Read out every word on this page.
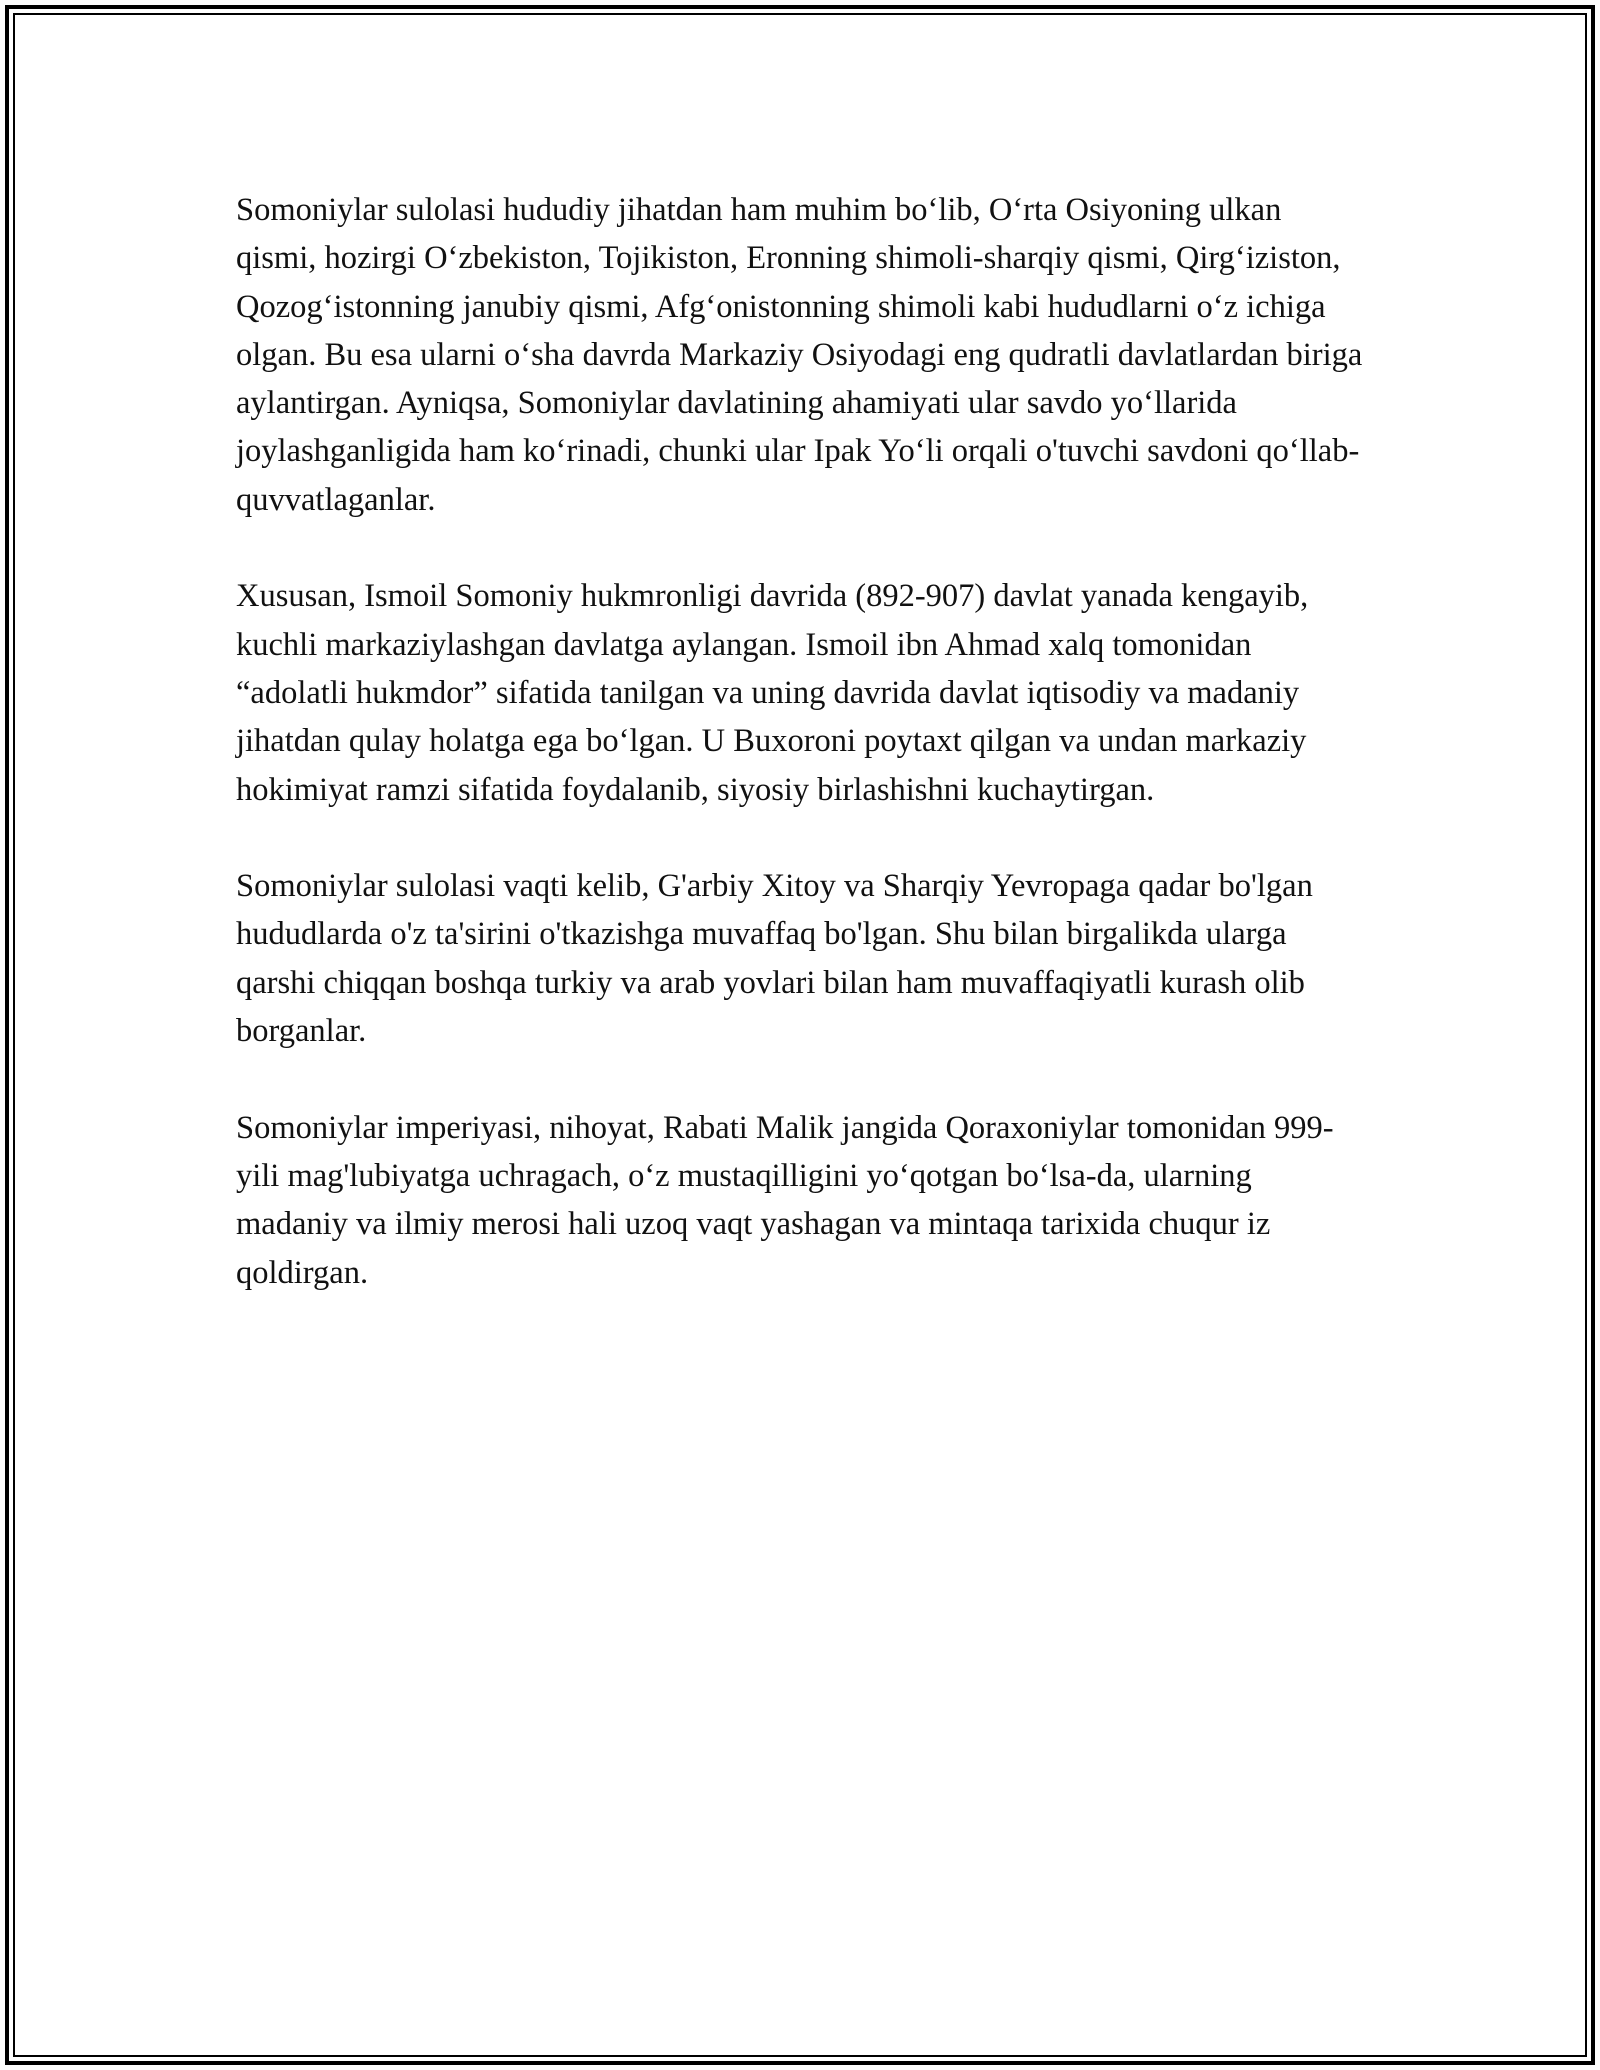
Somoniylar sulolasi hududiy jihatdan ham muhim bo‘lib, O‘rta Osiyoning ulkan qismi, hozirgi O‘zbekiston, Tojikiston, Eronning shimoli-sharqiy qismi, Qirg‘iziston, Qozog‘istonning janubiy qismi, Afg‘onistonning shimoli kabi hududlarni o‘z ichiga olgan. Bu esa ularni o‘sha davrda Markaziy Osiyodagi eng qudratli davlatlardan biriga aylantirgan. Ayniqsa, Somoniylar davlatining ahamiyati ular savdo yo‘llarida joylashganligida ham ko‘rinadi, chunki ular Ipak Yo‘li orqali o'tuvchi savdoni qo‘llab-quvvatlaganlar.

Xususan, Ismoil Somoniy hukmronligi davrida (892-907) davlat yanada kengayib, kuchli markaziylashgan davlatga aylangan. Ismoil ibn Ahmad xalq tomonidan “adolatli hukmdor” sifatida tanilgan va uning davrida davlat iqtisodiy va madaniy jihatdan qulay holatga ega bo‘lgan. U Buxoroni poytaxt qilgan va undan markaziy hokimiyat ramzi sifatida foydalanib, siyosiy birlashishni kuchaytirgan.

Somoniylar sulolasi vaqti kelib, G'arbiy Xitoy va Sharqiy Yevropaga qadar bo'lgan hududlarda o'z ta'sirini o'tkazishga muvaffaq bo'lgan. Shu bilan birgalikda ularga qarshi chiqqan boshqa turkiy va arab yovlari bilan ham muvaffaqiyatli kurash olib borganlar.

Somoniylar imperiyasi, nihoyat, Rabati Malik jangida Qoraxoniylar tomonidan 999-yili mag'lubiyatga uchragach, o‘z mustaqilligini yo‘qotgan bo‘lsa-da, ularning madaniy va ilmiy merosi hali uzoq vaqt yashagan va mintaqa tarixida chuqur iz qoldirgan.
